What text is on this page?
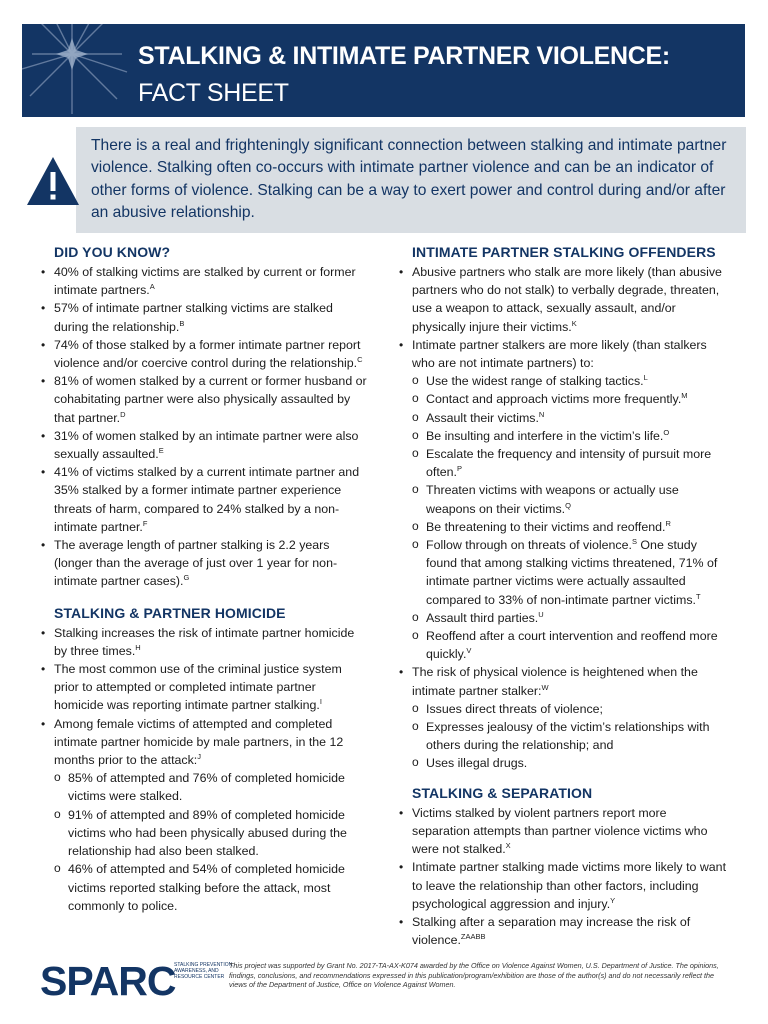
STALKING & INTIMATE PARTNER VIOLENCE:
FACT SHEET

There is a real and frighteningly significant connection between stalking and intimate partner violence. Stalking often co-occurs with intimate partner violence and can be an indicator of other forms of violence. Stalking can be a way to exert power and control during and/or after an abusive relationship.

DID YOU KNOW?
• 40% of stalking victims are stalked by current or former intimate partners.$^A$
• 57% of intimate partner stalking victims are stalked during the relationship.$^B$
• 74% of those stalked by a former intimate partner report violence and/or coercive control during the relationship.$^C$
• 81% of women stalked by a current or former husband or cohabitating partner were also physically assaulted by that partner.$^D$
• 31% of women stalked by an intimate partner were also sexually assaulted.$^E$
• 41% of victims stalked by a current intimate partner and 35% stalked by a former intimate partner experience threats of harm, compared to 24% stalked by a non-intimate partner.$^F$
• The average length of partner stalking is 2.2 years (longer than the average of just over 1 year for non-intimate partner cases).$^G$
STALKING & PARTNER HOMICIDE
• Stalking increases the risk of intimate partner homicide by three times.$^H$
• The most common use of the criminal justice system prior to attempted or completed intimate partner homicide was reporting intimate partner stalking.$^I$
• Among female victims of attempted and completed intimate partner homicide by male partners, in the 12 months prior to the attack:$^J$
o 85% of attempted and 76% of completed homicide victims were stalked.
o 91% of attempted and 89% of completed homicide victims who had been physically abused during the relationship had also been stalked.
o 46% of attempted and 54% of completed homicide victims reported stalking before the attack, most commonly to police.
INTIMATE PARTNER STALKING OFFENDERS
• Abusive partners who stalk are more likely (than abusive partners who do not stalk) to verbally degrade, threaten, use a weapon to attack, sexually assault, and/or physically injure their victims.$^K$
• Intimate partner stalkers are more likely (than stalkers who are not intimate partners) to:
o Use the widest range of stalking tactics.$^L$
o Contact and approach victims more frequently.$^M$
o Assault their victims.$^N$
o Be insulting and interfere in the victim’s life.$^O$
o Escalate the frequency and intensity of pursuit more often.$^P$
o Threaten victims with weapons or actually use weapons on their victims.$^Q$
o Be threatening to their victims and reoffend.$^R$
o Follow through on threats of violence.$^S$ One study found that among stalking victims threatened, 71% of intimate partner victims were actually assaulted compared to 33% of non-intimate partner victims.$^T$
o Assault third parties.$^U$
o Reoffend after a court intervention and reoffend more quickly.$^V$
• The risk of physical violence is heightened when the intimate partner stalker:$^W$
o Issues direct threats of violence;
o Expresses jealousy of the victim’s relationships with others during the relationship; and
o Uses illegal drugs.
STALKING & SEPARATION
• Victims stalked by violent partners report more separation attempts than partner violence victims who were not stalked.$^X$
• Intimate partner stalking made victims more likely to want to leave the relationship than other factors, including psychological aggression and injury.$^Y$
• Stalking after a separation may increase the risk of violence.$^{ZAABB}$
SPARC
STALKING PREVENTION, AWARENESS, AND RESOURCE CENTER
This project was supported by Grant No. 2017-TA-AX-K074 awarded by the Office on Violence Against Women, U.S. Department of Justice. The opinions, findings, conclusions, and recommendations expressed in this publication/program/exhibition are those of the author(s) and do not necessarily reflect the views of the Department of Justice, Office on Violence Against Women.
